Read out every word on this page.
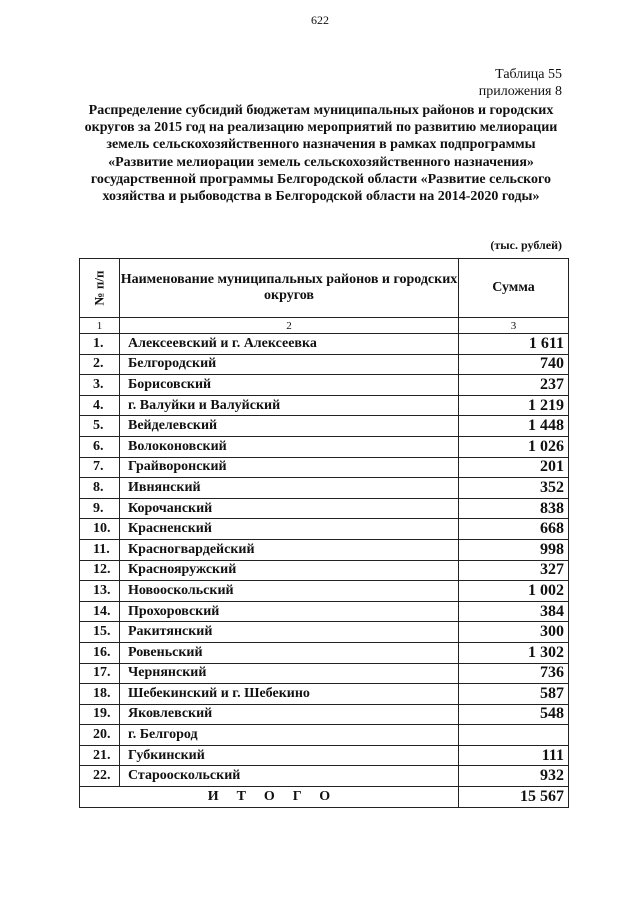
622
Таблица 55
приложения 8
Распределение субсидий бюджетам муниципальных районов и городских округов за 2015 год на реализацию мероприятий по развитию мелиорации земель сельскохозяйственного назначения в рамках подпрограммы «Развитие мелиорации земель сельскохозяйственного назначения» государственной программы Белгородской области «Развитие сельского хозяйства и рыбоводства в Белгородской области на 2014-2020 годы»
(тыс. рублей)
№ п/п	Наименование муниципальных районов и городских округов	Сумма
1	2	3
1.	Алексеевский и г. Алексеевка	1 611
2.	Белгородский	740
3.	Борисовский	237
4.	г. Валуйки и Валуйский	1 219
5.	Вейделевский	1 448
6.	Волоконовский	1 026
7.	Грайворонский	201
8.	Ивнянский	352
9.	Корочанский	838
10.	Красненский	668
11.	Красногвардейский	998
12.	Краснояружский	327
13.	Новооскольский	1 002
14.	Прохоровский	384
15.	Ракитянский	300
16.	Ровеньский	1 302
17.	Чернянский	736
18.	Шебекинский и г. Шебекино	587
19.	Яковлевский	548
20.	г. Белгород	
21.	Губкинский	111
22.	Старооскольский	932
ИТОГО		15 567
